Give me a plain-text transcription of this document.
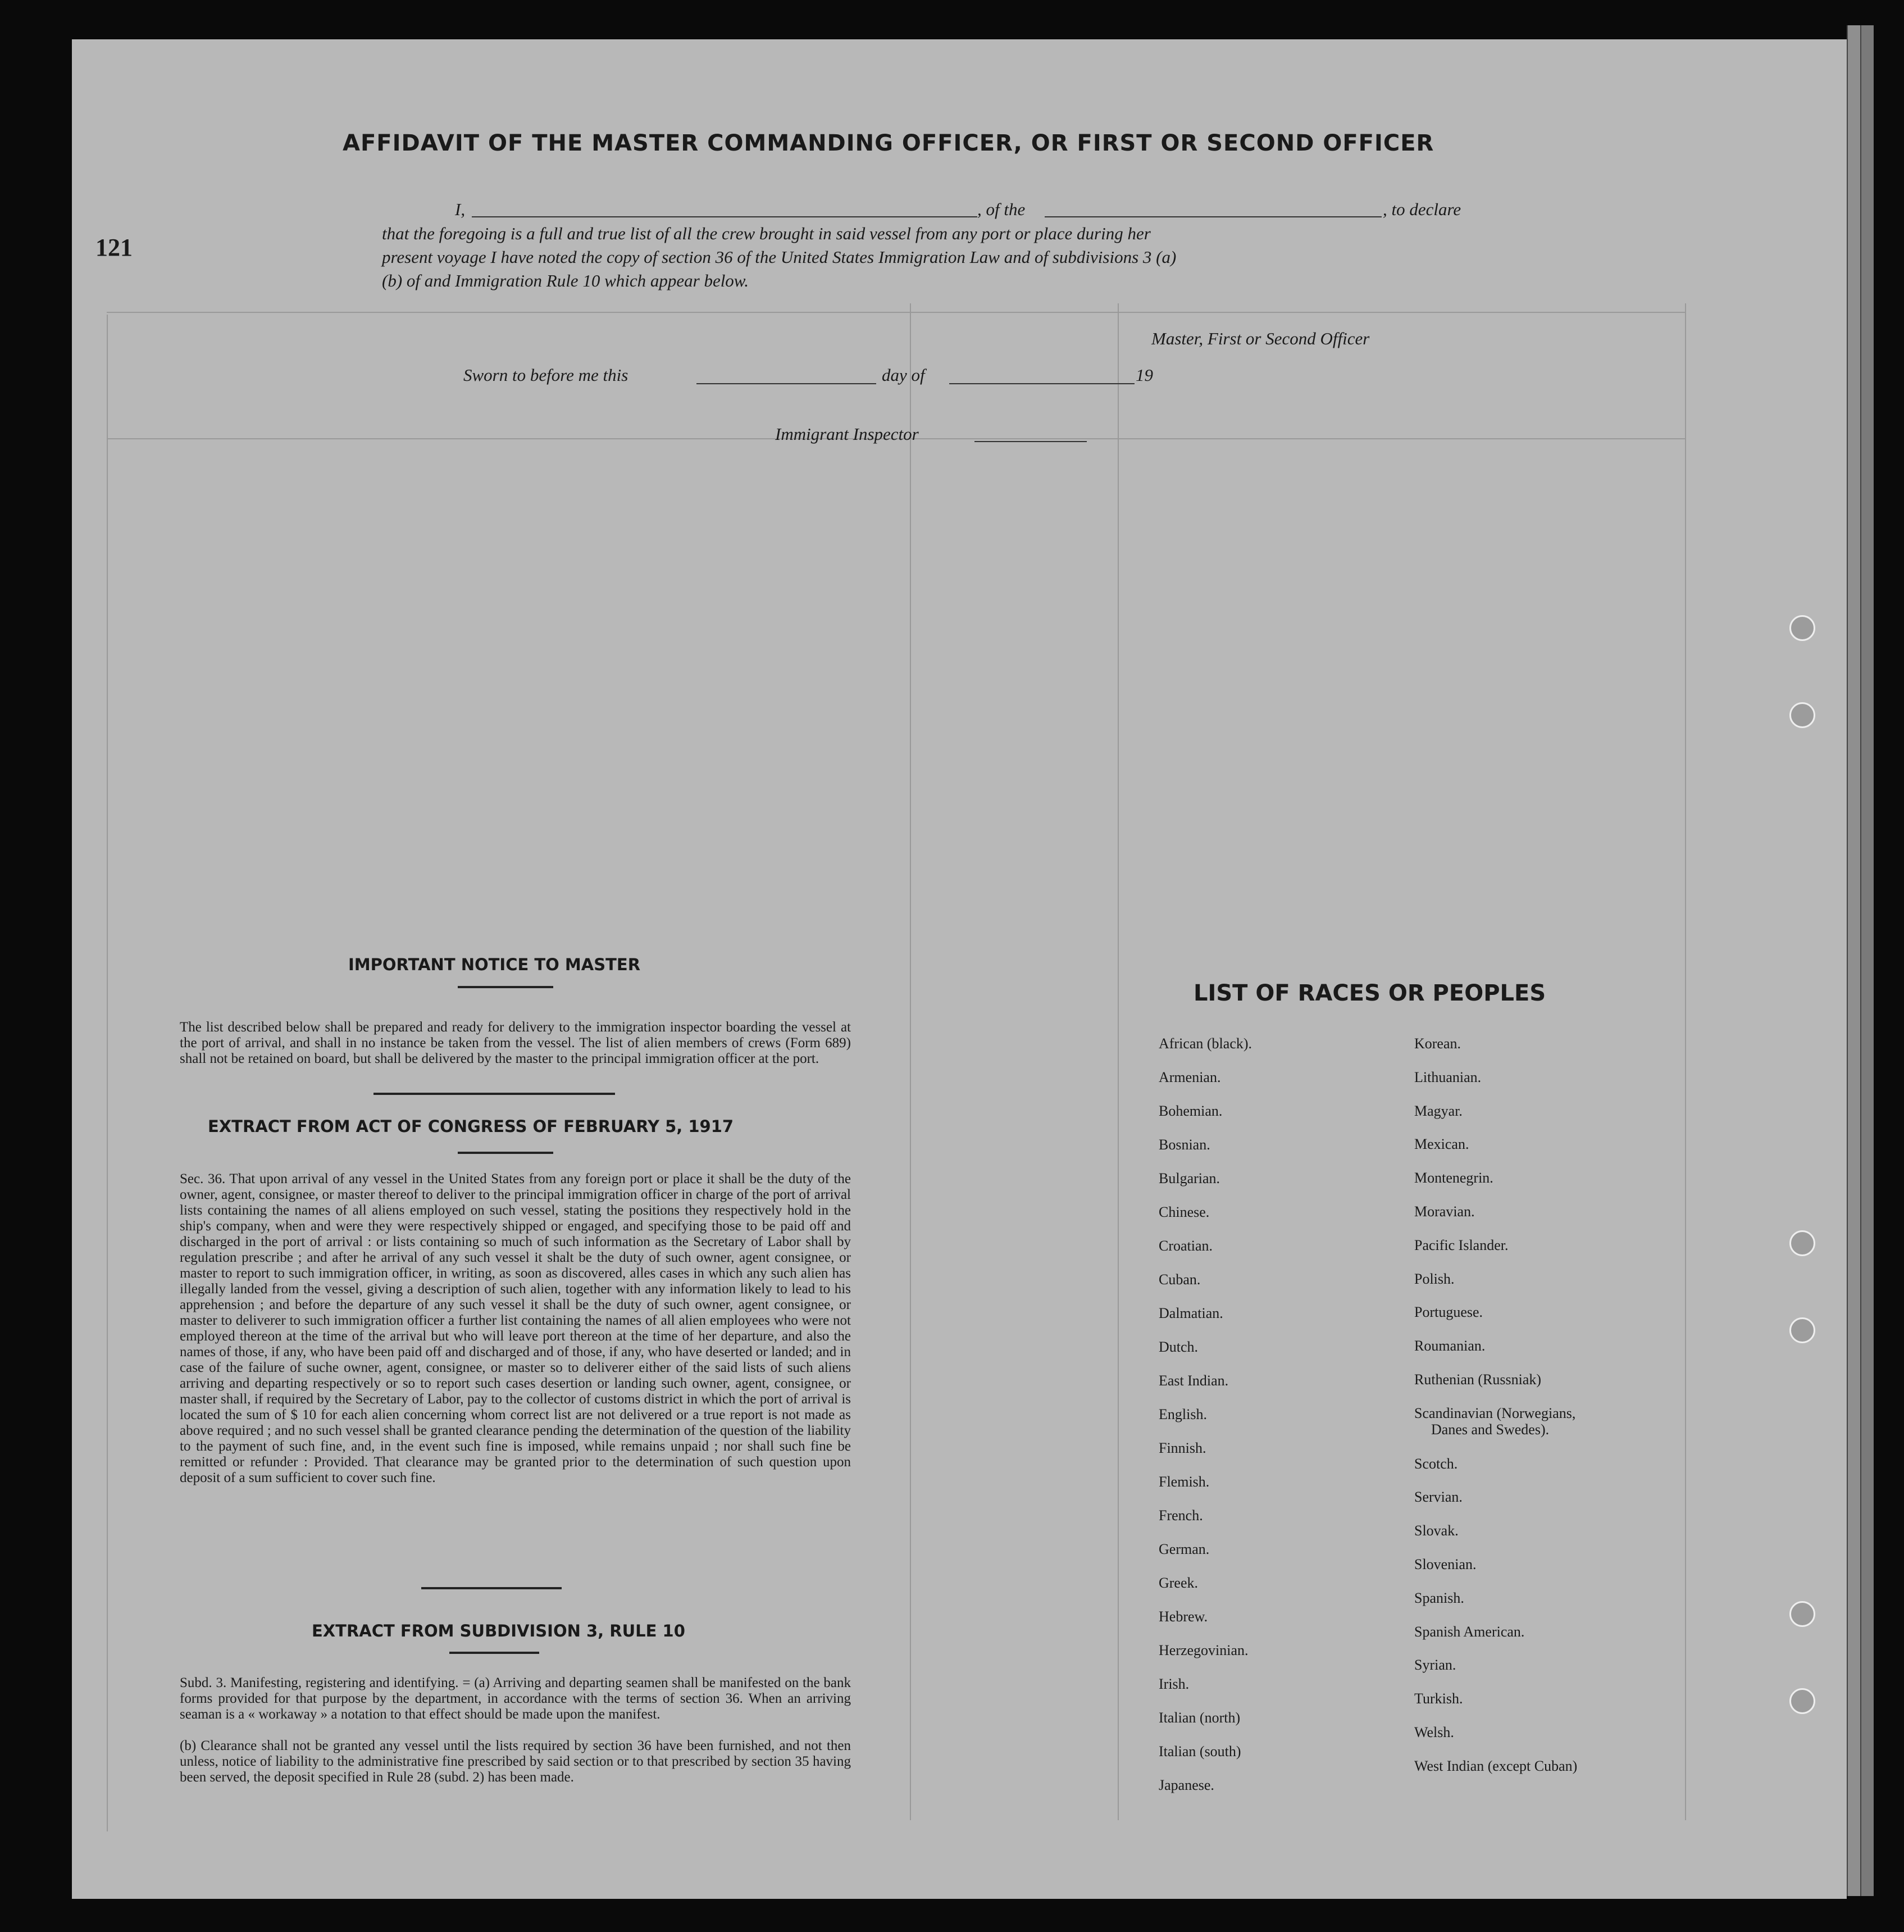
121
AFFIDAVIT OF THE MASTER COMMANDING OFFICER, OR FIRST OR SECOND OFFICER
I,	, of the	, to declare
that the foregoing is a full and true list of all the crew brought in said vessel from any port or place during her
present voyage I have noted the copy of section 36 of the United States Immigration Law and of subdivisions 3 (a)
(b) of and Immigration Rule 10 which appear below.
Master, First or Second Officer
Sworn to before me this	day of	19
Immigrant Inspector
IMPORTANT NOTICE TO MASTER
The list described below shall be prepared and ready for delivery to the immigration inspector boarding the vessel at the port of arrival, and shall in no instance be taken from the vessel. The list of alien members of crews (Form 689) shall not be retained on board, but shall be delivered by the master to the principal immigration officer at the port.
EXTRACT FROM ACT OF CONGRESS OF FEBRUARY 5, 1917
Sec. 36. That upon arrival of any vessel in the United States from any foreign port or place it shall be the duty of the owner, agent, consignee, or master thereof to deliver to the principal immigration officer in charge of the port of arrival lists containing the names of all aliens employed on such vessel, stating the positions they respectively hold in the ship's company, when and were they were respectively shipped or engaged, and specifying those to be paid off and discharged in the port of arrival : or lists containing so much of such information as the Secretary of Labor shall by regulation prescribe ; and after he arrival of any such vessel it shalt be the duty of such owner, agent consignee, or master to report to such immigration officer, in writing, as soon as discovered, alles cases in which any such alien has illegally landed from the vessel, giving a description of such alien, together with any information likely to lead to his apprehension ; and before the departure of any such vessel it shall be the duty of such owner, agent consignee, or master to deliverer to such immigration officer a further list containing the names of all alien employees who were not employed thereon at the time of the arrival but who will leave port thereon at the time of her departure, and also the names of those, if any, who have been paid off and discharged and of those, if any, who have deserted or landed; and in case of the failure of suche owner, agent, consignee, or master so to deliverer either of the said lists of such aliens arriving and departing respectively or so to report such cases desertion or landing such owner, agent, consignee, or master shall, if required by the Secretary of Labor, pay to the collector of customs district in which the port of arrival is located the sum of $ 10 for each alien concerning whom correct list are not delivered or a true report is not made as above required ; and no such vessel shall be granted clearance pending the determination of the question of the liability to the payment of such fine, and, in the event such fine is imposed, while remains unpaid ; nor shall such fine be remitted or refunder : Provided. That clearance may be granted prior to the determination of such question upon deposit of a sum sufficient to cover such fine.
EXTRACT FROM SUBDIVISION 3, RULE 10
Subd. 3. Manifesting, registering and identifying. = (a) Arriving and departing seamen shall be manifested on the bank forms provided for that purpose by the department, in accordance with the terms of section 36. When an arriving seaman is a « workaway » a notation to that effect should be made upon the manifest.
(b) Clearance shall not be granted any vessel until the lists required by section 36 have been furnished, and not then unless, notice of liability to the administrative fine prescribed by said section or to that prescribed by section 35 having been served, the deposit specified in Rule 28 (subd. 2) has been made.
LIST OF RACES OR PEOPLES
African (black).
Armenian.
Bohemian.
Bosnian.
Bulgarian.
Chinese.
Croatian.
Cuban.
Dalmatian.
Dutch.
East Indian.
English.
Finnish.
Flemish.
French.
German.
Greek.
Hebrew.
Herzegovinian.
Irish.
Italian (north)
Italian (south)
Japanese.
Korean.
Lithuanian.
Magyar.
Mexican.
Montenegrin.
Moravian.
Pacific Islander.
Polish.
Portuguese.
Roumanian.
Ruthenian (Russniak)
Scandinavian (Norwegians,
Danes and Swedes).
Scotch.
Servian.
Slovak.
Slovenian.
Spanish.
Spanish American.
Syrian.
Turkish.
Welsh.
West Indian (except Cuban)
